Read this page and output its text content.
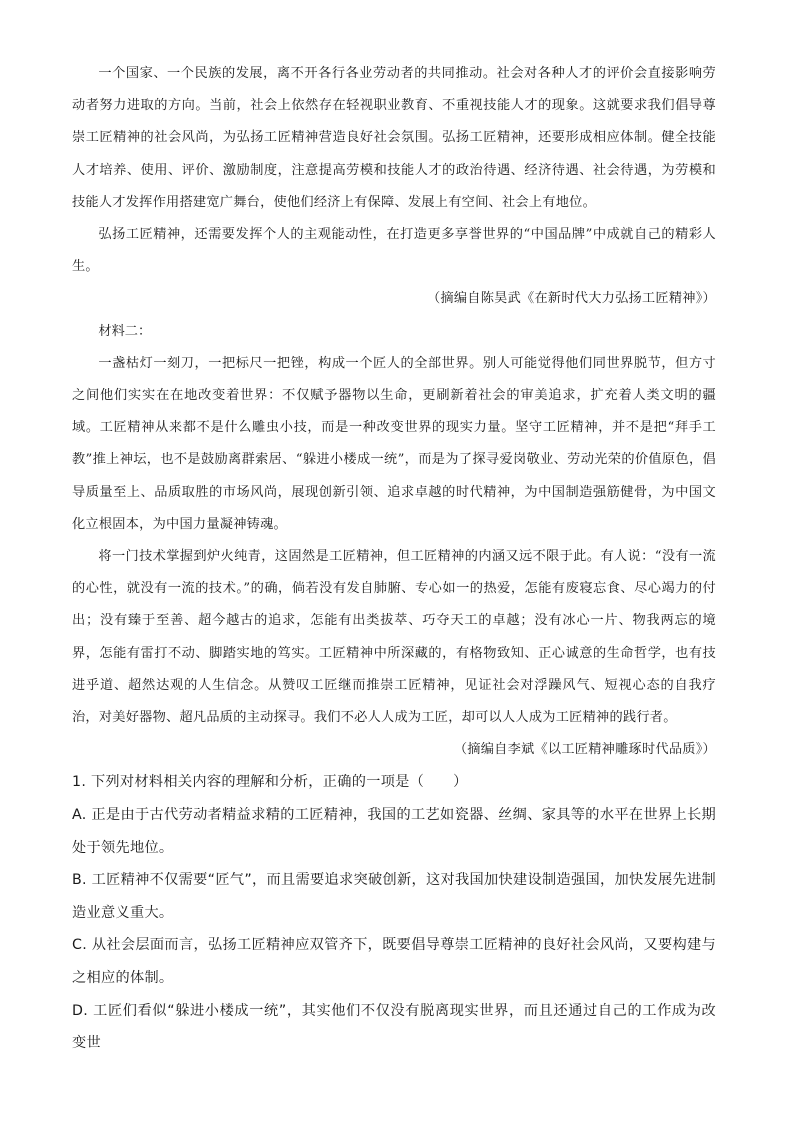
一个国家、一个民族的发展，离不开各行各业劳动者的共同推动。社会对各种人才的评价会直接影响劳动者努力进取的方向。当前，社会上依然存在轻视职业教育、不重视技能人才的现象。这就要求我们倡导尊崇工匠精神的社会风尚，为弘扬工匠精神营造良好社会氛围。弘扬工匠精神，还要形成相应体制。健全技能人才培养、使用、评价、激励制度，注意提高劳模和技能人才的政治待遇、经济待遇、社会待遇，为劳模和技能人才发挥作用搭建宽广舞台，使他们经济上有保障、发展上有空间、社会上有地位。

弘扬工匠精神，还需要发挥个人的主观能动性，在打造更多享誉世界的“中国品牌”中成就自己的精彩人生。

（摘编自陈昊武《在新时代大力弘扬工匠精神》）

材料二：

一盏枯灯一刻刀，一把标尺一把锉，构成一个匠人的全部世界。别人可能觉得他们同世界脱节，但方寸之间他们实实在在地改变着世界：不仅赋予器物以生命，更刷新着社会的审美追求，扩充着人类文明的疆域。工匠精神从来都不是什么雕虫小技，而是一种改变世界的现实力量。坚守工匠精神，并不是把“拜手工教”推上神坛，也不是鼓励离群索居、“躲进小楼成一统”，而是为了探寻爱岗敬业、劳动光荣的价值原色，倡导质量至上、品质取胜的市场风尚，展现创新引领、追求卓越的时代精神，为中国制造强筋健骨，为中国文化立根固本，为中国力量凝神铸魂。

将一门技术掌握到炉火纯青，这固然是工匠精神，但工匠精神的内涵又远不限于此。有人说：“没有一流的心性，就没有一流的技术。”的确，倘若没有发自肺腑、专心如一的热爱，怎能有废寝忘食、尽心竭力的付出；没有臻于至善、超今越古的追求，怎能有出类拔萃、巧夺天工的卓越；没有冰心一片、物我两忘的境界，怎能有雷打不动、脚踏实地的笃实。工匠精神中所深藏的，有格物致知、正心诚意的生命哲学，也有技进乎道、超然达观的人生信念。从赞叹工匠继而推崇工匠精神，见证社会对浮躁风气、短视心态的自我疗治，对美好器物、超凡品质的主动探寻。我们不必人人成为工匠，却可以人人成为工匠精神的践行者。

（摘编自李斌《以工匠精神雕琢时代品质》）

1. 下列对材料相关内容的理解和分析，正确的一项是（　　）

A. 正是由于古代劳动者精益求精的工匠精神，我国的工艺如瓷器、丝绸、家具等的水平在世界上长期处于领先地位。

B. 工匠精神不仅需要“匠气”，而且需要追求突破创新，这对我国加快建设制造强国，加快发展先进制造业意义重大。

C. 从社会层面而言，弘扬工匠精神应双管齐下，既要倡导尊崇工匠精神的良好社会风尚，又要构建与之相应的体制。

D. 工匠们看似“躲进小楼成一统”，其实他们不仅没有脱离现实世界，而且还通过自己的工作成为改变世
